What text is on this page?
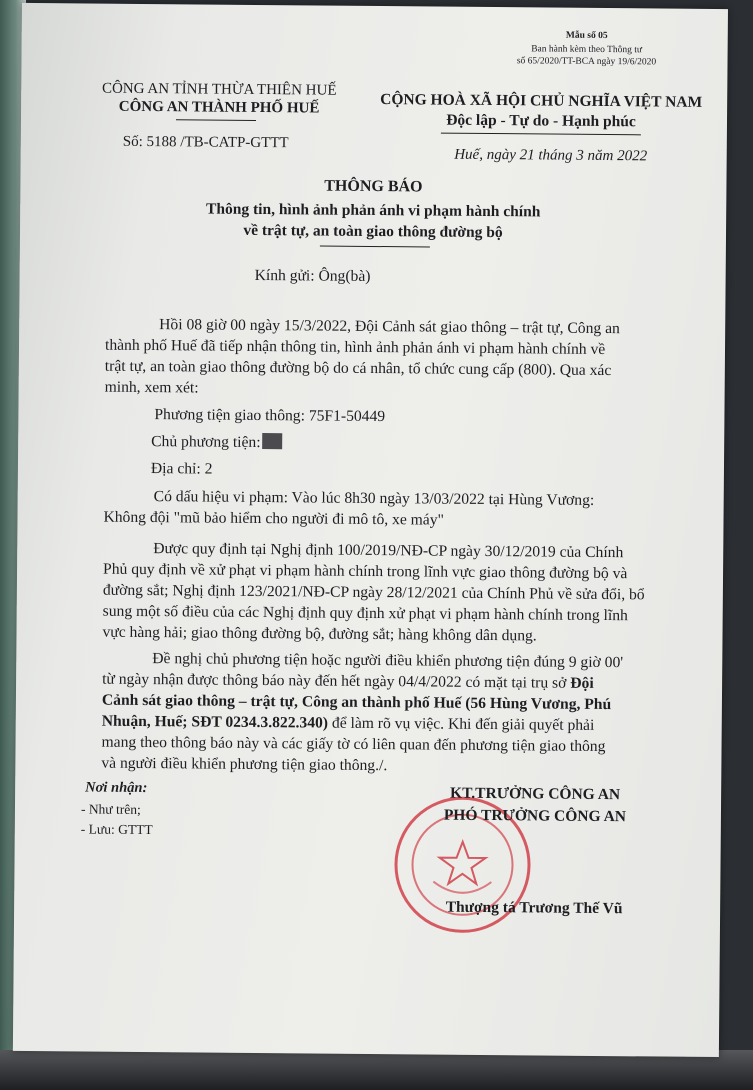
Mẫu số 05
Ban hành kèm theo Thông tư
số 65/2020/TT-BCA ngày 19/6/2020
CÔNG AN TỈNH THỪA THIÊN HUẾ
CÔNG AN THÀNH PHỐ HUẾ
Số: 5188 /TB-CATP-GTTT
CỘNG HOÀ XÃ HỘI CHỦ NGHĨA VIỆT NAM
Độc lập - Tự do - Hạnh phúc
Huế, ngày 21 tháng 3 năm 2022
THÔNG BÁO
Thông tin, hình ảnh phản ánh vi phạm hành chính
về trật tự, an toàn giao thông đường bộ
Kính gửi: Ông(bà)
Hồi 08 giờ 00 ngày 15/3/2022, Đội Cảnh sát giao thông – trật tự, Công an
thành phố Huế đã tiếp nhận thông tin, hình ảnh phản ánh vi phạm hành chính về
trật tự, an toàn giao thông đường bộ do cá nhân, tổ chức cung cấp (800). Qua xác
minh, xem xét:
Phương tiện giao thông: 75F1-50449
Chủ phương tiện:
Địa chỉ: 2
Có dấu hiệu vi phạm: Vào lúc 8h30 ngày 13/03/2022 tại Hùng Vương:
Không đội "mũ bảo hiểm cho người đi mô tô, xe máy"
Được quy định tại Nghị định 100/2019/NĐ-CP ngày 30/12/2019 của Chính
Phủ quy định về xử phạt vi phạm hành chính trong lĩnh vực giao thông đường bộ và
đường sắt; Nghị định 123/2021/NĐ-CP ngày 28/12/2021 của Chính Phủ về sửa đổi, bổ
sung một số điều của các Nghị định quy định xử phạt vi phạm hành chính trong lĩnh
vực hàng hải; giao thông đường bộ, đường sắt; hàng không dân dụng.
Đề nghị chủ phương tiện hoặc người điều khiển phương tiện đúng 9 giờ 00'
từ ngày nhận được thông báo này đến hết ngày 04/4/2022 có mặt tại trụ sở Đội
Cảnh sát giao thông – trật tự, Công an thành phố Huế (56 Hùng Vương, Phú
Nhuận, Huế; SĐT 0234.3.822.340) để làm rõ vụ việc. Khi đến giải quyết phải
mang theo thông báo này và các giấy tờ có liên quan đến phương tiện giao thông
và người điều khiển phương tiện giao thông./.
Nơi nhận:
- Như trên;
- Lưu: GTTT
KT.TRƯỞNG CÔNG AN
PHÓ TRƯỞNG CÔNG AN
Thượng tá Trương Thế Vũ
